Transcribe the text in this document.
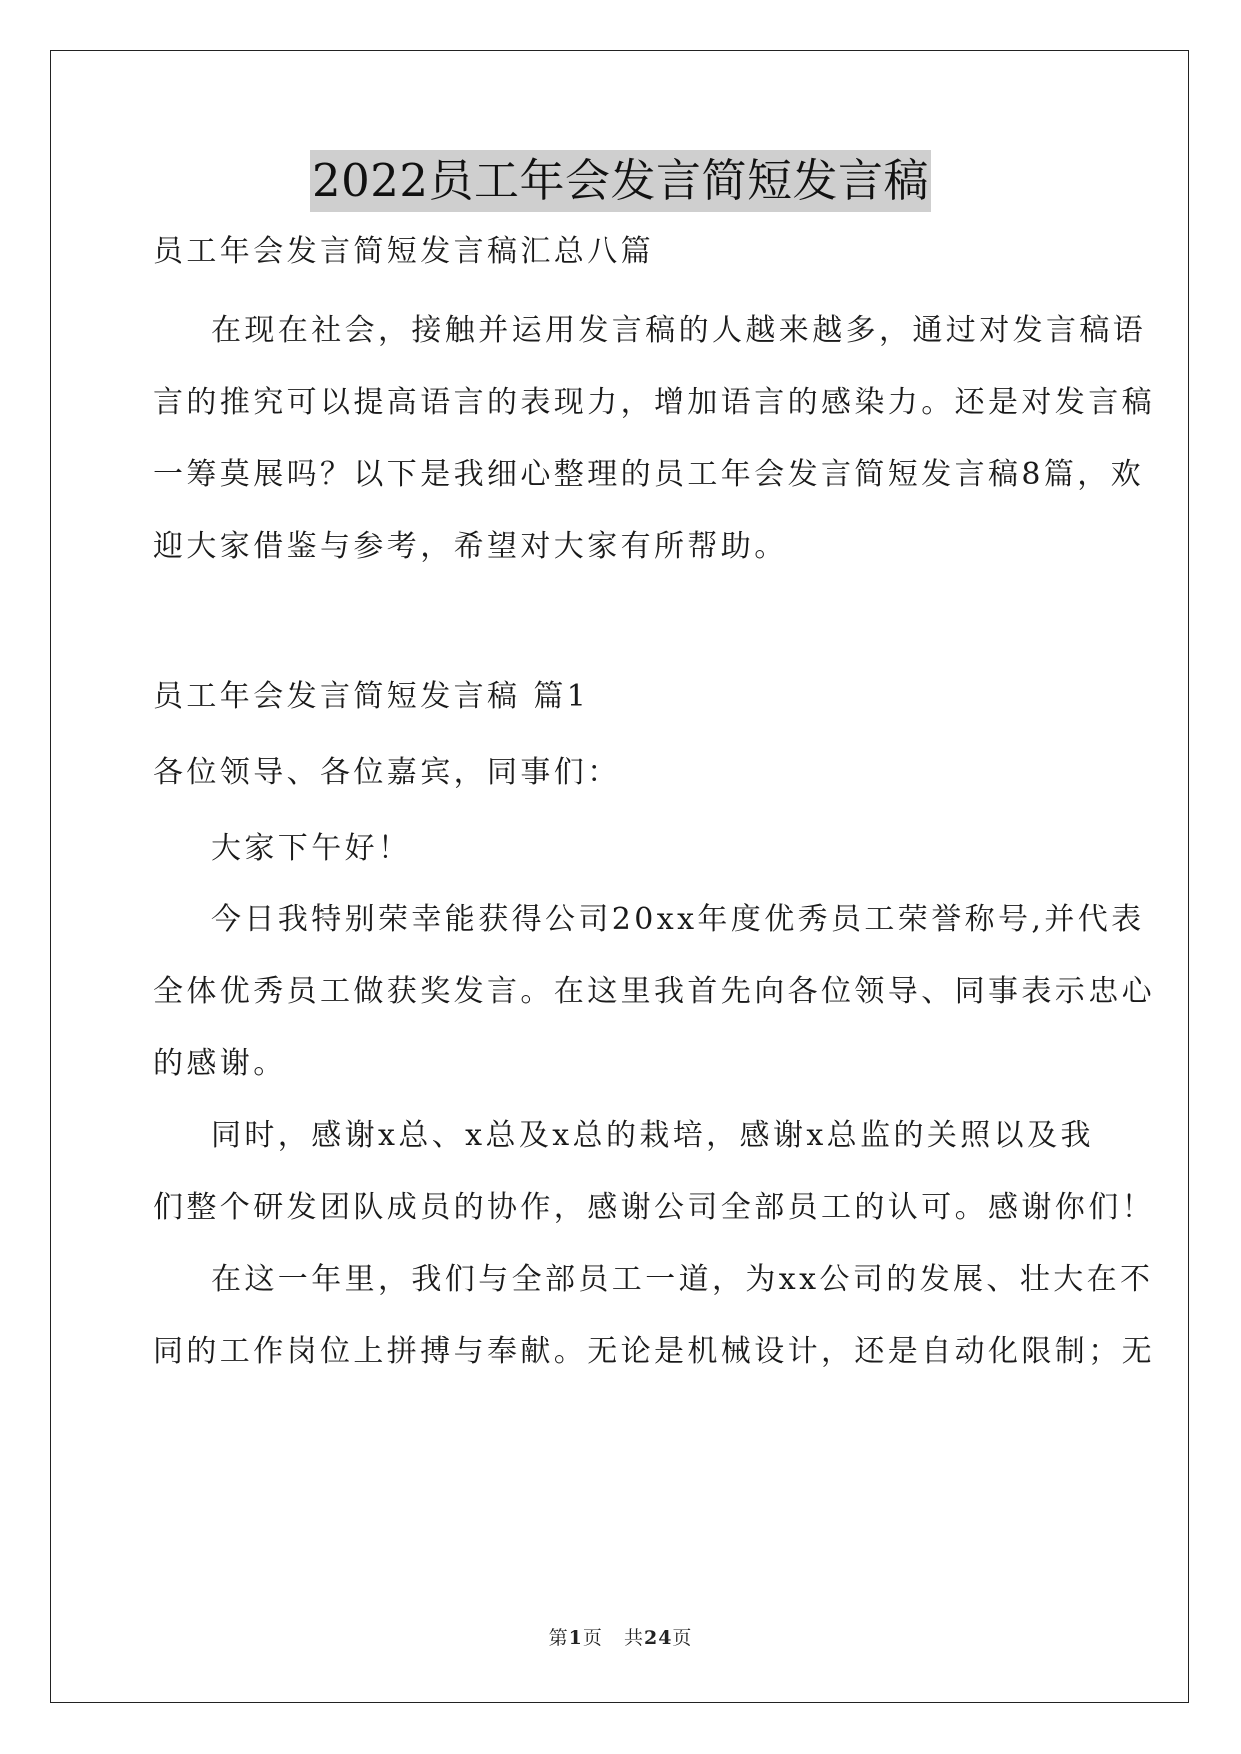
2022员工年会发言简短发言稿
员工年会发言简短发言稿汇总八篇
在现在社会，接触并运用发言稿的人越来越多，通过对发言稿语
言的推究可以提高语言的表现力，增加语言的感染力。还是对发言稿
一筹莫展吗？以下是我细心整理的员工年会发言简短发言稿8篇，欢
迎大家借鉴与参考，希望对大家有所帮助。
员工年会发言简短发言稿 篇1
各位领导、各位嘉宾，同事们：
大家下午好！
今日我特别荣幸能获得公司20xx年度优秀员工荣誉称号,并代表
全体优秀员工做获奖发言。在这里我首先向各位领导、同事表示忠心
的感谢。
同时，感谢x总、x总及x总的栽培，感谢x总监的关照以及我
们整个研发团队成员的协作，感谢公司全部员工的认可。感谢你们！
在这一年里，我们与全部员工一道，为xx公司的发展、壮大在不
同的工作岗位上拼搏与奉献。无论是机械设计，还是自动化限制；无
第1页 共24页
